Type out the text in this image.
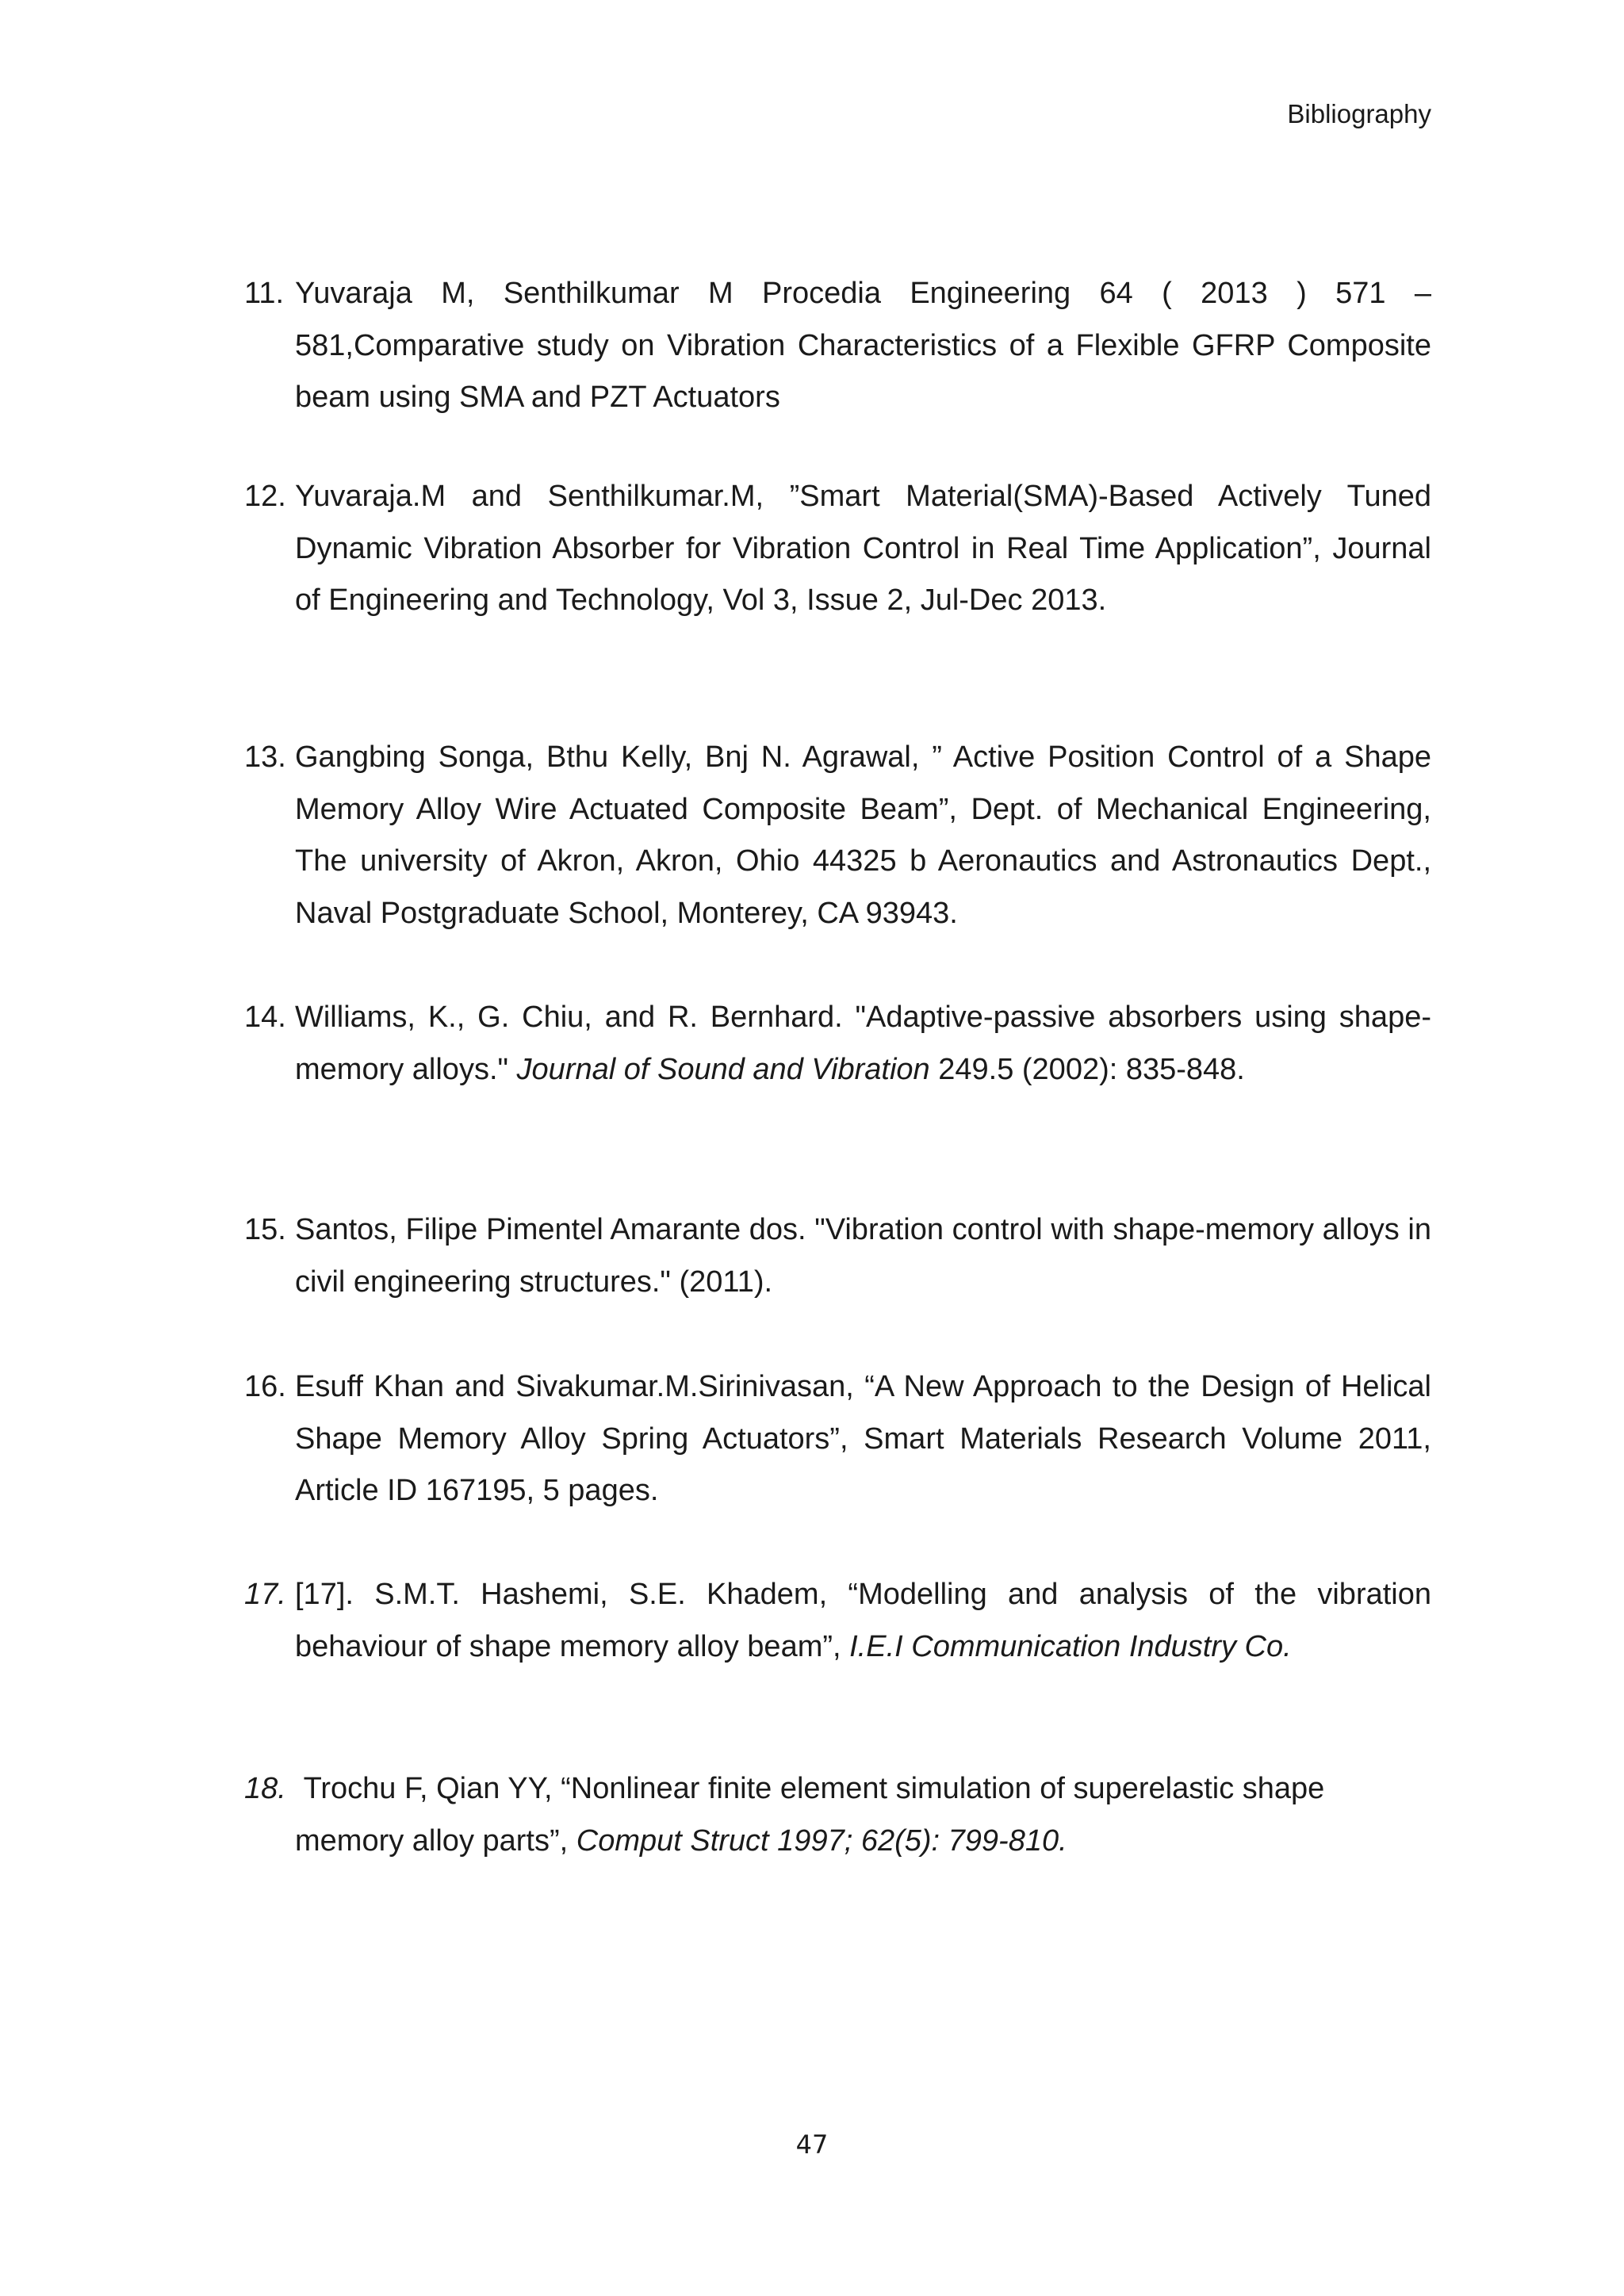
Bibliography
11. Yuvaraja M, Senthilkumar M Procedia Engineering 64 ( 2013 ) 571 – 581,Comparative study on Vibration Characteristics of a Flexible GFRP Composite beam using SMA and PZT Actuators
12. Yuvaraja.M and Senthilkumar.M, ”Smart Material(SMA)-Based Actively Tuned Dynamic Vibration Absorber for Vibration Control in Real Time Application”, Journal of Engineering and Technology, Vol 3, Issue 2, Jul-Dec 2013.
13. Gangbing Songa, Bthu Kelly, Bnj N. Agrawal, ” Active Position Control of a Shape Memory Alloy Wire Actuated Composite Beam”, Dept. of Mechanical Engineering, The university of Akron, Akron, Ohio 44325 b Aeronautics and Astronautics Dept., Naval Postgraduate School, Monterey, CA 93943.
14. Williams, K., G. Chiu, and R. Bernhard. "Adaptive-passive absorbers using shape-memory alloys." Journal of Sound and Vibration 249.5 (2002): 835-848.
15. Santos, Filipe Pimentel Amarante dos. "Vibration control with shape-memory alloys in civil engineering structures." (2011).
16. Esuff Khan and Sivakumar.M.Sirinivasan, “A New Approach to the Design of Helical Shape Memory Alloy Spring Actuators”, Smart Materials Research Volume 2011, Article ID 167195, 5 pages.
17. [17]. S.M.T. Hashemi, S.E. Khadem, “Modelling and analysis of the vibration behaviour of shape memory alloy beam”, I.E.I Communication Industry Co.
18. Trochu F, Qian YY, “Nonlinear finite element simulation of superelastic shape memory alloy parts”, Comput Struct 1997; 62(5): 799-810.
47
